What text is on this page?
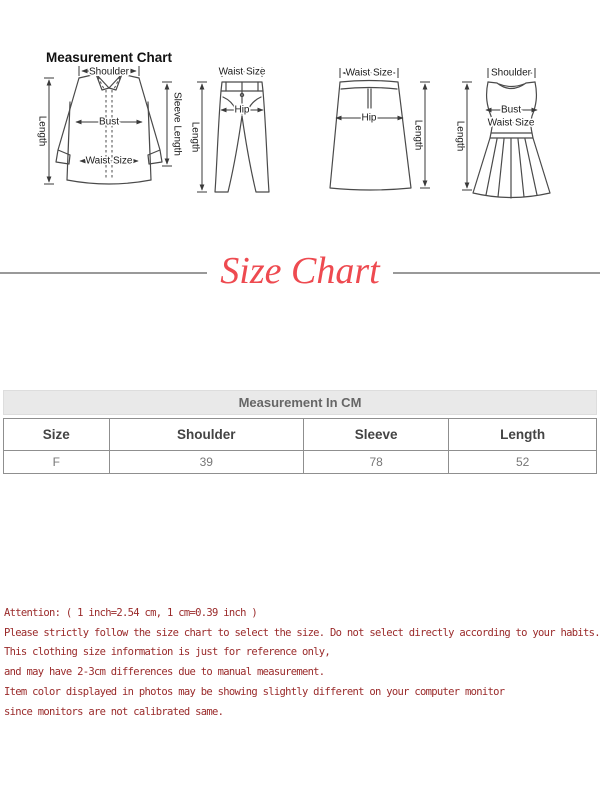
Measurement Chart
Shoulder
Bust
Waist Size
Length	Sleeve Length
Waist Size
Hip
Length
Waist Size
Hip
Length
Shoulder
Bust
Waist Size
Length
Size Chart
Measurement In CM
Size	Shoulder	Sleeve	Length
F	39	78	52
Attention: ( 1 inch=2.54 cm, 1 cm=0.39 inch )
Please strictly follow the size chart to select the size. Do not select directly according to your habits.
This clothing size information is just for reference only,
and may have 2-3cm differences due to manual measurement.
Item color displayed in photos may be showing slightly different on your computer monitor
since monitors are not calibrated same.
